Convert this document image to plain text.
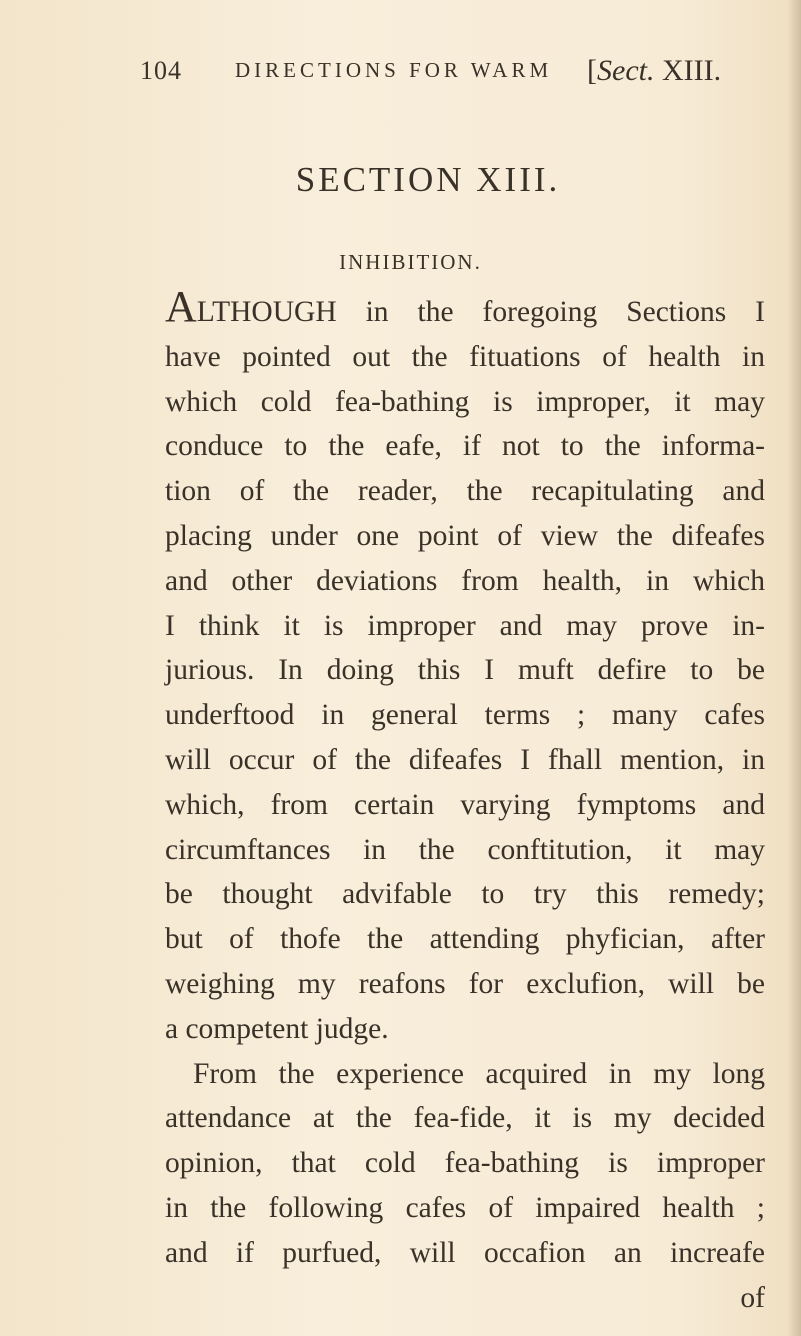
104	DIRECTIONS FOR WARM [Sect. XIII.
SECTION XIII.
INHIBITION.
ALTHOUGH in the foregoing Sections I
have pointed out the fituations of health in
which cold fea-bathing is improper, it may
conduce to the eafe, if not to the informa-
tion of the reader, the recapitulating and
placing under one point of view the difeafes
and other deviations from health, in which
I think it is improper and may prove in-
jurious. In doing this I muft defire to be
underftood in general terms ; many cafes
will occur of the difeafes I fhall mention, in
which, from certain varying fymptoms and
circumftances in the conftitution, it may
be thought advifable to try this remedy;
but of thofe the attending phyfician, after
weighing my reafons for exclufion, will be
a competent judge.
From the experience acquired in my long
attendance at the fea-fide, it is my decided
opinion, that cold fea-bathing is improper
in the following cafes of impaired health ;
and if purfued, will occafion an increafe
of
